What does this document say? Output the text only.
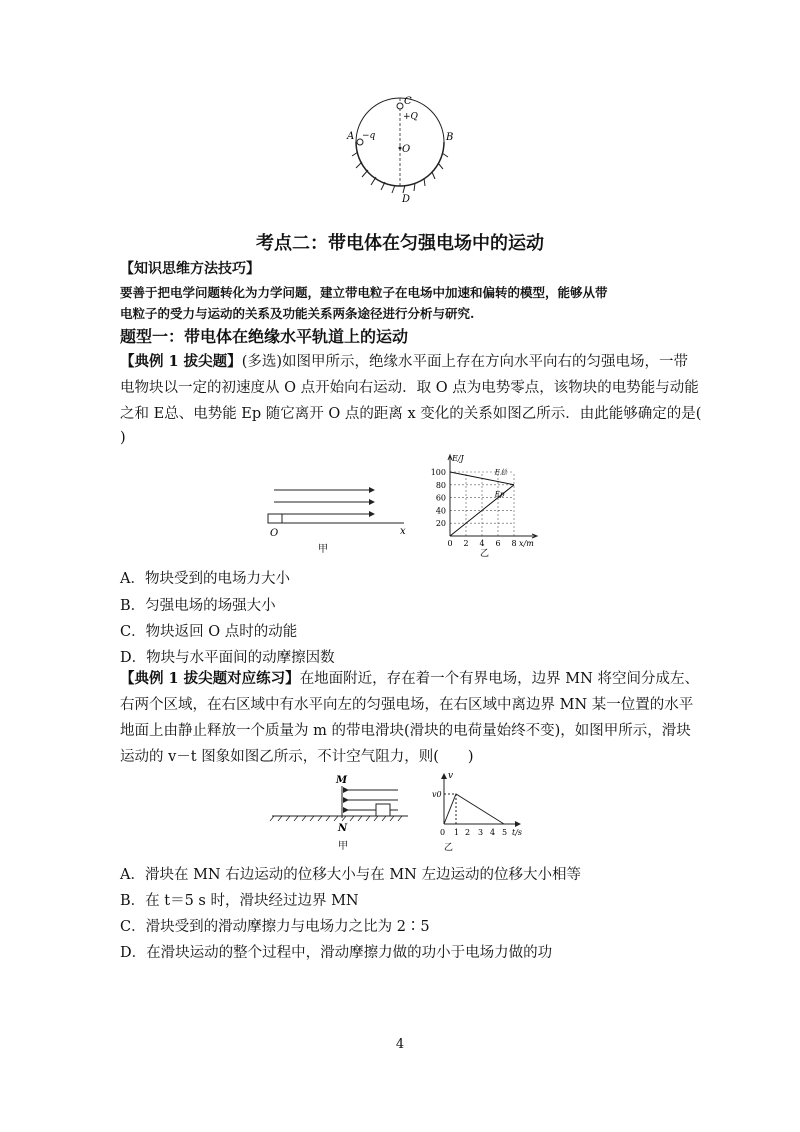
C
+Q
A −q	B
O
D
考点二：带电体在匀强电场中的运动
【知识思维方法技巧】
要善于把电学问题转化为力学问题，建立带电粒子在电场中加速和偏转的模型，能够从带
电粒子的受力与运动的关系及功能关系两条途径进行分析与研究.
题型一：带电体在绝缘水平轨道上的运动
【典例 1 拔尖题】(多选)如图甲所示，绝缘水平面上存在方向水平向右的匀强电场，一带
电物块以一定的初速度从 O 点开始向右运动．取 O 点为电势零点，该物块的电势能与动能
之和 E总、电势能 Ep 随它离开 O 点的距离 x 变化的关系如图乙所示．由此能够确定的是(
)
O	x
甲
100
80
60
40
20
0 2 4 6 8
E/J
x/m
E总
Ep
乙
A．物块受到的电场力大小
B．匀强电场的场强大小
C．物块返回 O 点时的动能
D．物块与水平面间的动摩擦因数
【典例 1 拔尖题对应练习】在地面附近，存在着一个有界电场，边界 MN 将空间分成左、
右两个区域，在右区域中有水平向左的匀强电场，在右区域中离边界 MN 某一位置的水平
地面上由静止释放一个质量为 m 的带电滑块(滑块的电荷量始终不变)，如图甲所示，滑块
运动的 v－t 图象如图乙所示，不计空气阻力，则(　　)
M
N
甲
v
v0
0 1 2 3 4 5 t/s
乙
A．滑块在 MN 右边运动的位移大小与在 MN 左边运动的位移大小相等
B．在 t＝5 s 时，滑块经过边界 MN
C．滑块受到的滑动摩擦力与电场力之比为 2∶5
D．在滑块运动的整个过程中，滑动摩擦力做的功小于电场力做的功
4
